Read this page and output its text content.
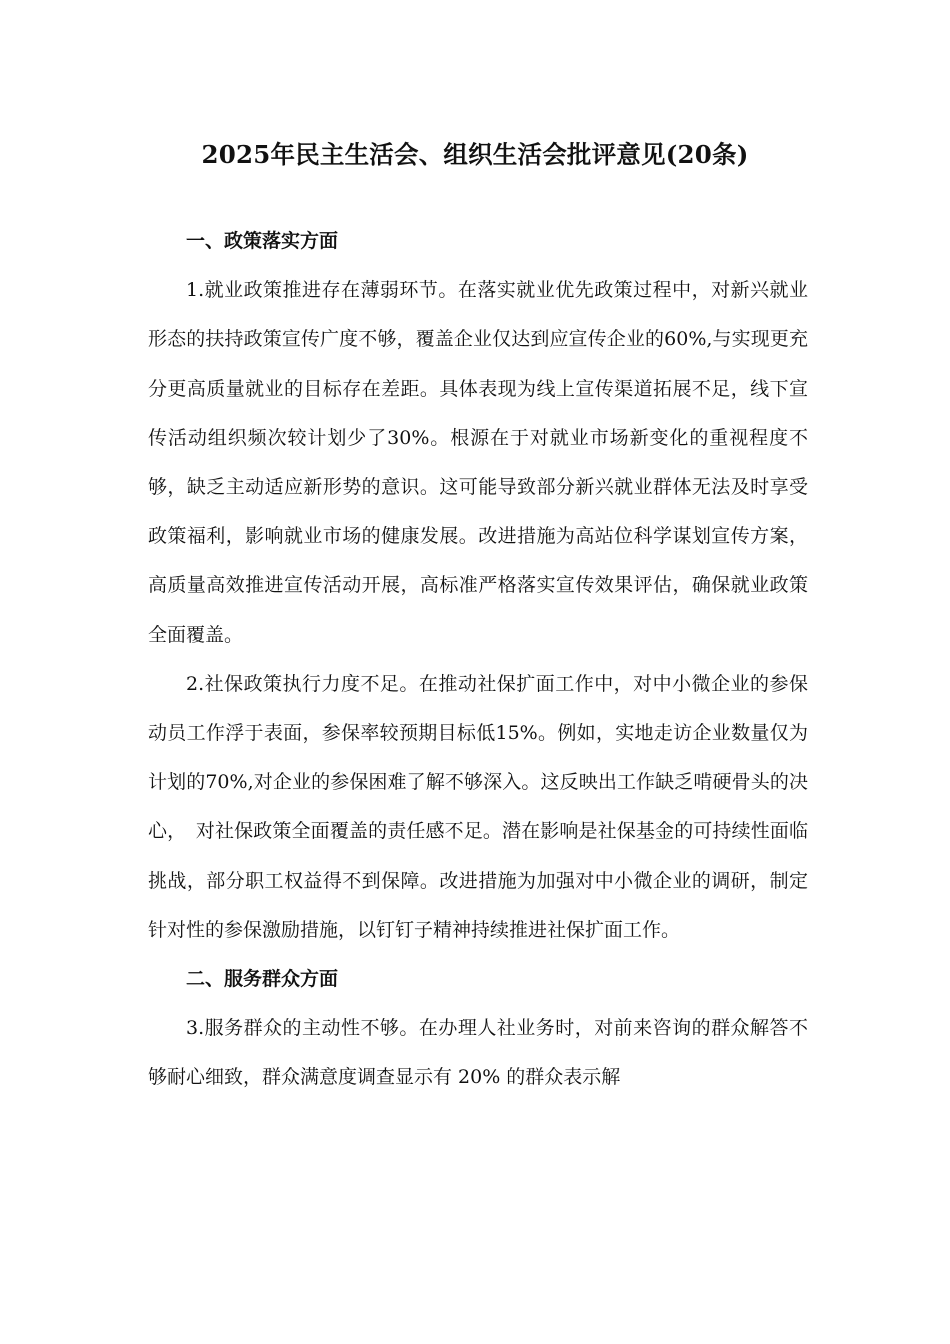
2025年民主生活会、组织生活会批评意见(20条)
一、政策落实方面

1.就业政策推进存在薄弱环节。在落实就业优先政策过程中，对新兴就业形态的扶持政策宣传广度不够，覆盖企业仅达到应宣传企业的60%,与实现更充分更高质量就业的目标存在差距。具体表现为线上宣传渠道拓展不足，线下宣传活动组织频次较计划少了30%。根源在于对就业市场新变化的重视程度不够，缺乏主动适应新形势的意识。这可能导致部分新兴就业群体无法及时享受政策福利，影响就业市场的健康发展。改进措施为高站位科学谋划宣传方案，高质量高效推进宣传活动开展，高标准严格落实宣传效果评估，确保就业政策全面覆盖。

2.社保政策执行力度不足。在推动社保扩面工作中，对中小微企业的参保动员工作浮于表面，参保率较预期目标低15%。例如，实地走访企业数量仅为计划的70%,对企业的参保困难了解不够深入。这反映出工作缺乏啃硬骨头的决心，　对社保政策全面覆盖的责任感不足。潜在影响是社保基金的可持续性面临挑战，部分职工权益得不到保障。改进措施为加强对中小微企业的调研，制定针对性的参保激励措施，以钉钉子精神持续推进社保扩面工作。

二、服务群众方面

3.服务群众的主动性不够。在办理人社业务时，对前来咨询的群众解答不够耐心细致，群众满意度调查显示有 20% 的群众表示解
